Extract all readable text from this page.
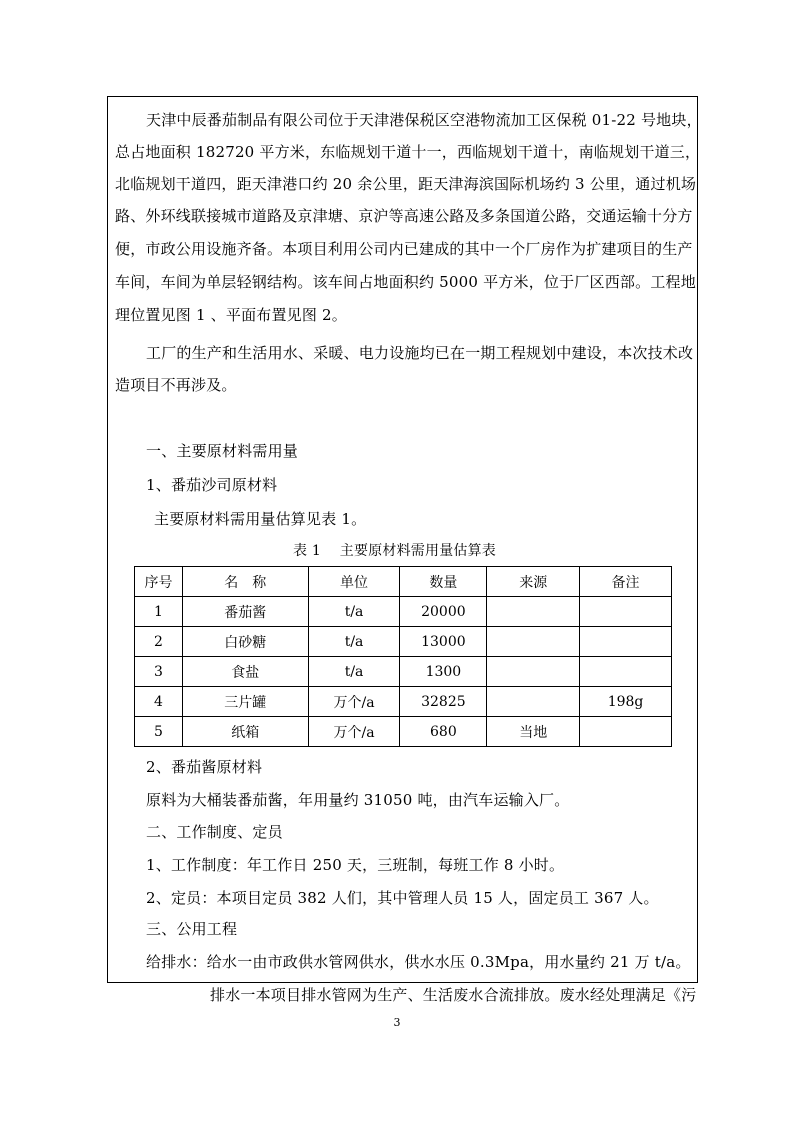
天津中辰番茄制品有限公司位于天津港保税区空港物流加工区保税 01-22 号地块，
总占地面积 182720 平方米，东临规划干道十一，西临规划干道十，南临规划干道三，
北临规划干道四，距天津港口约 20 余公里，距天津海滨国际机场约 3 公里，通过机场
路、外环线联接城市道路及京津塘、京沪等高速公路及多条国道公路，交通运输十分方
便，市政公用设施齐备。本项目利用公司内已建成的其中一个厂房作为扩建项目的生产
车间，车间为单层轻钢结构。该车间占地面积约 5000 平方米，位于厂区西部。工程地
理位置见图 1 、平面布置见图 2。
工厂的生产和生活用水、采暖、电力设施均已在一期工程规划中建设，本次技术改
造项目不再涉及。
一、主要原材料需用量
1、番茄沙司原材料
主要原材料需用量估算见表 1。
表 1　 主要原材料需用量估算表
序号	名　称	单位	数量	来源	备注
1	番茄酱	t/a	20000		
2	白砂糖	t/a	13000		
3	食盐	t/a	1300		
4	三片罐	万个/a	32825		198g
5	纸箱	万个/a	680	当地	
2、番茄酱原材料
原料为大桶装番茄酱，年用量约 31050 吨，由汽车运输入厂。
二、工作制度、定员
1、工作制度：年工作日 250 天，三班制，每班工作 8 小时。
2、定员：本项目定员 382 人们，其中管理人员 15 人，固定员工 367 人。
三、公用工程
给排水：给水一由市政供水管网供水，供水水压 0.3Mpa，用水量约 21 万 t/a。
排水一本项目排水管网为生产、生活废水合流排放。废水经处理满足《污
3
